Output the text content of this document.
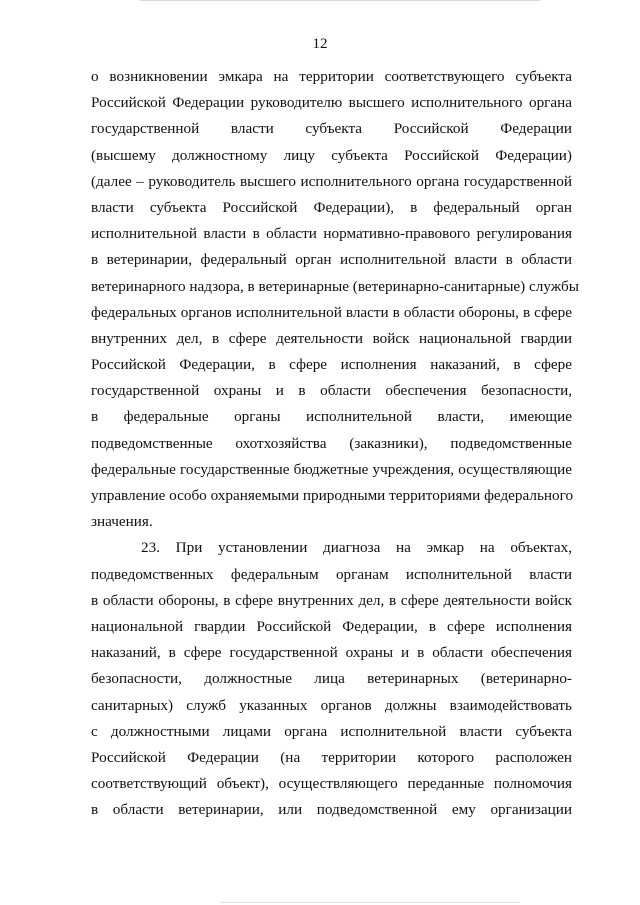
12
о возникновении эмкара на территории соответствующего субъекта
Российской Федерации руководителю высшего исполнительного органа
государственной власти субъекта Российской Федерации
(высшему должностному лицу субъекта Российской Федерации)
(далее – руководитель высшего исполнительного органа государственной
власти субъекта Российской Федерации), в федеральный орган
исполнительной власти в области нормативно-правового регулирования
в ветеринарии, федеральный орган исполнительной власти в области
ветеринарного надзора, в ветеринарные (ветеринарно-санитарные) службы
федеральных органов исполнительной власти в области обороны, в сфере
внутренних дел, в сфере деятельности войск национальной гвардии
Российской Федерации, в сфере исполнения наказаний, в сфере
государственной охраны и в области обеспечения безопасности,
в федеральные органы исполнительной власти, имеющие
подведомственные охотхозяйства (заказники), подведомственные
федеральные государственные бюджетные учреждения, осуществляющие
управление особо охраняемыми природными территориями федерального
значения.
23. При установлении диагноза на эмкар на объектах,
подведомственных федеральным органам исполнительной власти
в области обороны, в сфере внутренних дел, в сфере деятельности войск
национальной гвардии Российской Федерации, в сфере исполнения
наказаний, в сфере государственной охраны и в области обеспечения
безопасности, должностные лица ветеринарных (ветеринарно-
санитарных) служб указанных органов должны взаимодействовать
с должностными лицами органа исполнительной власти субъекта
Российской Федерации (на территории которого расположен
соответствующий объект), осуществляющего переданные полномочия
в области ветеринарии, или подведомственной ему организации
